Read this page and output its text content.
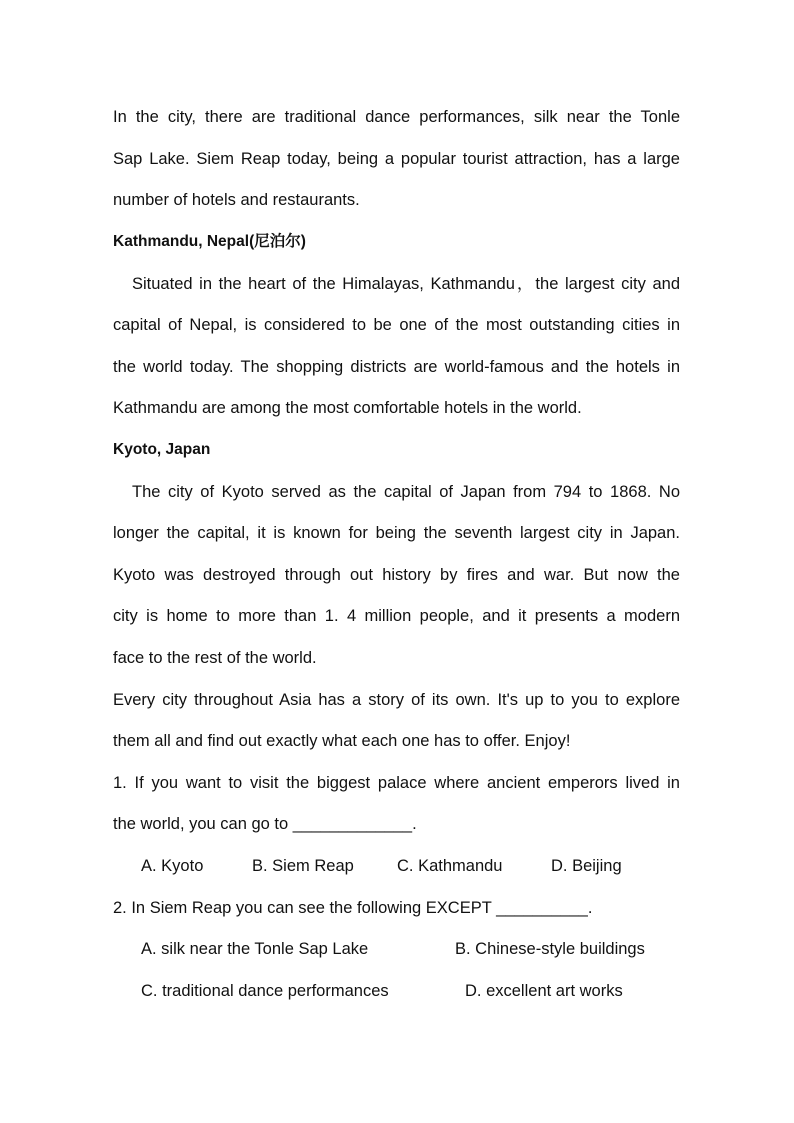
In the city, there are traditional dance performances, silk near the Tonle
Sap Lake. Siem Reap today, being a popular tourist attraction, has a large
number of hotels and restaurants.
Kathmandu, Nepal(尼泊尔)
Situated in the heart of the Himalayas, Kathmandu，the largest city and
capital of Nepal, is considered to be one of the most outstanding cities in
the world today. The shopping districts are world-famous and the hotels in
Kathmandu are among the most comfortable hotels in the world.
Kyoto, Japan
The city of Kyoto served as the capital of Japan from 794 to 1868. No
longer the capital, it is known for being the seventh largest city in Japan.
Kyoto was destroyed through out history by fires and war. But now the
city is home to more than 1. 4 million people, and it presents a modern
face to the rest of the world.
Every city throughout Asia has a story of its own. It's up to you to explore
them all and find out exactly what each one has to offer. Enjoy!
1. If you want to visit the biggest palace where ancient emperors lived in
the world, you can go to _____________.
A. Kyoto	B. Siem Reap	C. Kathmandu	D. Beijing
2. In Siem Reap you can see the following EXCEPT __________.
A. silk near the Tonle Sap Lake	B. Chinese-style buildings
C. traditional dance performances	D. excellent art works
